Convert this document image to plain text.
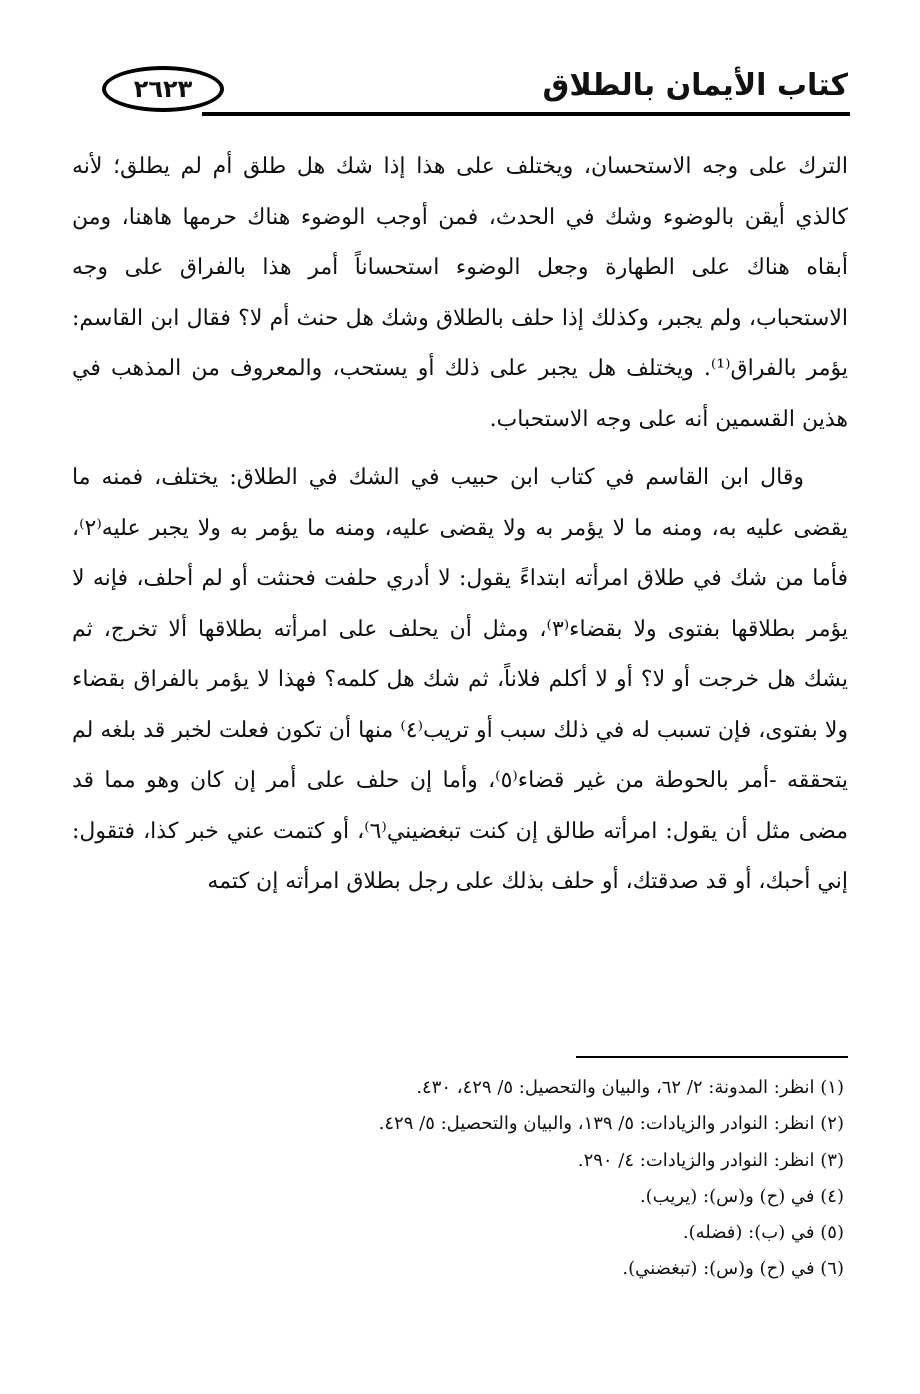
٢٦٢٣	كتاب الأيمان بالطلاق

الترك على وجه الاستحسان، ويختلف على هذا إذا شك هل طلق أم لم يطلق؛ لأنه كالذي أيقن بالوضوء وشك في الحدث، فمن أوجب الوضوء هناك حرمها هاهنا، ومن أبقاه هناك على الطهارة وجعل الوضوء استحساناً أمر هذا بالفراق على وجه الاستحباب، ولم يجبر، وكذلك إذا حلف بالطلاق وشك هل حنث أم لا؟ فقال ابن القاسم: يؤمر بالفراق⁽¹⁾. ويختلف هل يجبر على ذلك أو يستحب، والمعروف من المذهب في هذين القسمين أنه على وجه الاستحباب.

وقال ابن القاسم في كتاب ابن حبيب في الشك في الطلاق: يختلف، فمنه ما يقضى عليه به، ومنه ما لا يؤمر به ولا يقضى عليه، ومنه ما يؤمر به ولا يجبر عليه⁽٢⁾، فأما من شك في طلاق امرأته ابتداءً يقول: لا أدري حلفت فحنثت أو لم أحلف، فإنه لا يؤمر بطلاقها بفتوى ولا بقضاء⁽٣⁾، ومثل أن يحلف على امرأته بطلاقها ألا تخرج، ثم يشك هل خرجت أو لا؟ أو لا أكلم فلاناً، ثم شك هل كلمه؟ فهذا لا يؤمر بالفراق بقضاء ولا بفتوى، فإن تسبب له في ذلك سبب أو تريب⁽٤⁾ منها أن تكون فعلت لخبر قد بلغه لم يتحققه -أمر بالحوطة من غير قضاء⁽٥⁾، وأما إن حلف على أمر إن كان وهو مما قد مضى مثل أن يقول: امرأته طالق إن كنت تبغضيني⁽٦⁾، أو كتمت عني خبر كذا، فتقول: إني أحبك، أو قد صدقتك، أو حلف بذلك على رجل بطلاق امرأته إن كتمه

(١) انظر: المدونة: ٢/ ٦٢، والبيان والتحصيل: ٥/ ٤٢٩، ٤٣٠.
(٢) انظر: النوادر والزيادات: ٥/ ١٣٩، والبيان والتحصيل: ٥/ ٤٢٩.
(٣) انظر: النوادر والزيادات: ٤/ ٢٩٠.
(٤) في (ح) و(س): (يريب).
(٥) في (ب): (فضله).
(٦) في (ح) و(س): (تبغضني).
